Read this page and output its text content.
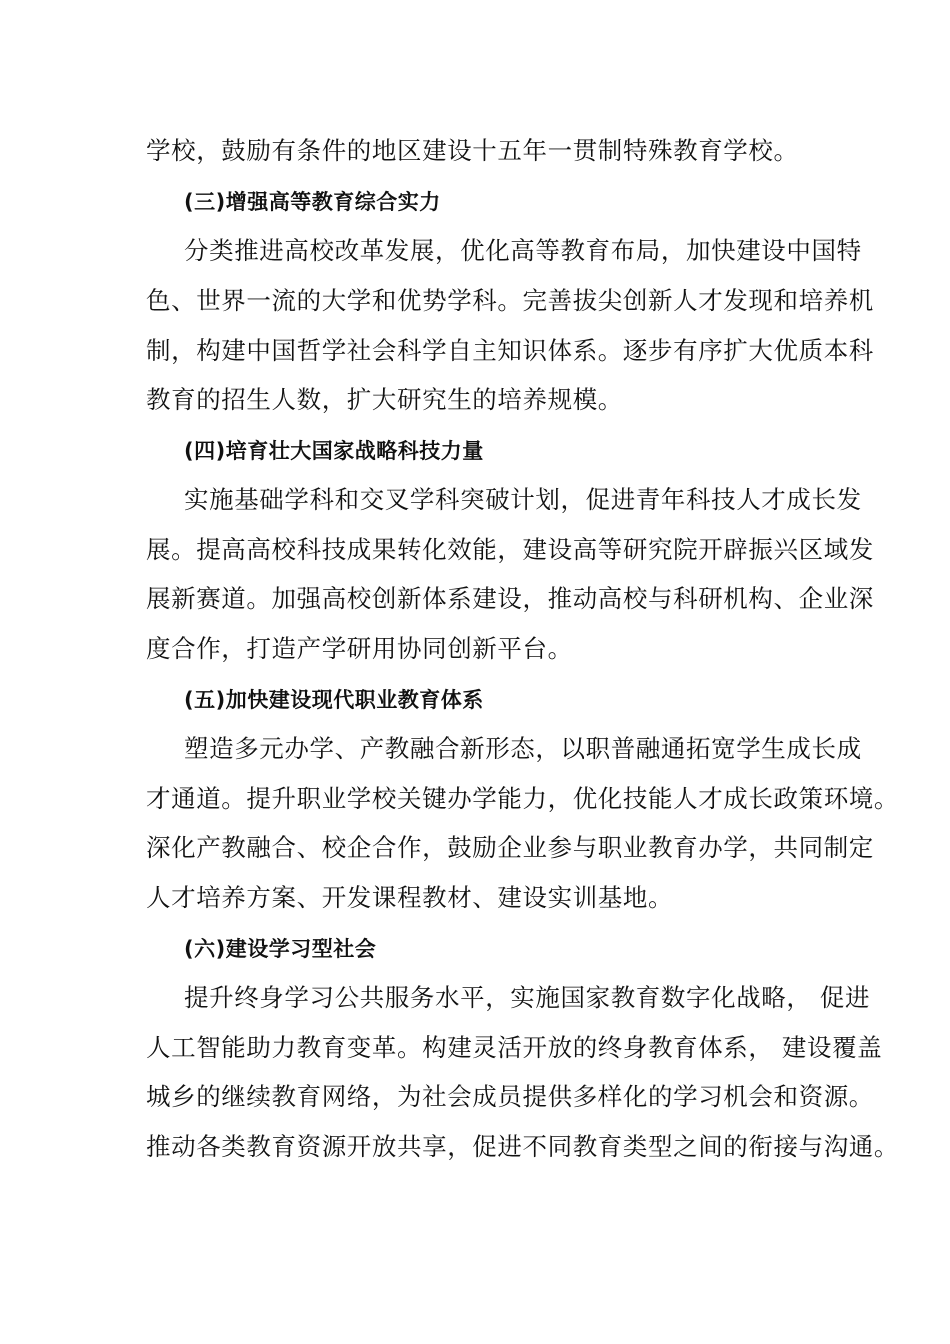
学校，鼓励有条件的地区建设十五年一贯制特殊教育学校。
(三)增强高等教育综合实力
分类推进高校改革发展，优化高等教育布局，加快建设中国特
色、世界一流的大学和优势学科。完善拔尖创新人才发现和培养机
制，构建中国哲学社会科学自主知识体系。逐步有序扩大优质本科
教育的招生人数，扩大研究生的培养规模。
(四)培育壮大国家战略科技力量
实施基础学科和交叉学科突破计划，促进青年科技人才成长发
展。提高高校科技成果转化效能，建设高等研究院开辟振兴区域发
展新赛道。加强高校创新体系建设，推动高校与科研机构、企业深
度合作，打造产学研用协同创新平台。
(五)加快建设现代职业教育体系
塑造多元办学、产教融合新形态，以职普融通拓宽学生成长成
才通道。提升职业学校关键办学能力，优化技能人才成长政策环境。
深化产教融合、校企合作，鼓励企业参与职业教育办学，共同制定
人才培养方案、开发课程教材、建设实训基地。
(六)建设学习型社会
提升终身学习公共服务水平，实施国家教育数字化战略， 促进
人工智能助力教育变革。构建灵活开放的终身教育体系， 建设覆盖
城乡的继续教育网络，为社会成员提供多样化的学习机会和资源。
推动各类教育资源开放共享，促进不同教育类型之间的衔接与沟通。
